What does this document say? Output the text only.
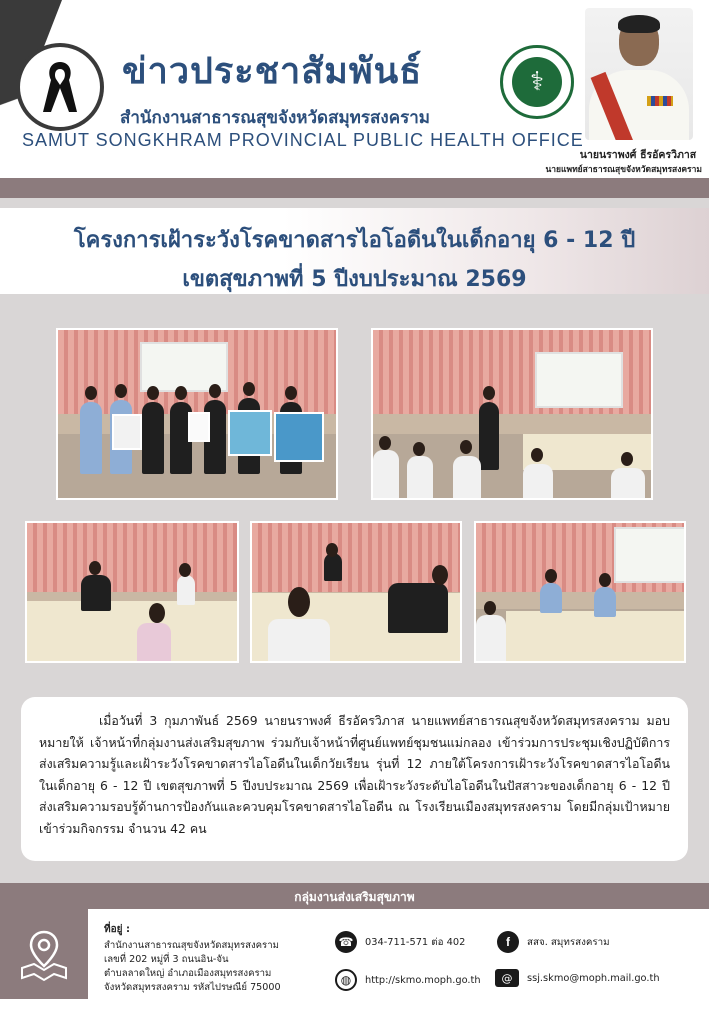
ข่าวประชาสัมพันธ์
สำนักงานสาธารณสุขจังหวัดสมุทรสงคราม
SAMUT SONGKHRAM PROVINCIAL PUBLIC HEALTH OFFICE
⚕
นายนราพงศ์ ธีรอัครวิภาส
นายแพทย์สาธารณสุขจังหวัดสมุทรสงคราม
โครงการเฝ้าระวังโรคขาดสารไอโอดีนในเด็กอายุ 6 - 12 ปี
เขตสุขภาพที่ 5 ปีงบประมาณ 2569

เมื่อวันที่ 3 กุมภาพันธ์ 2569 นายนราพงศ์ ธีรอัครวิภาส นายแพทย์สาธารณสุขจังหวัดสมุทรสงคราม มอบหมายให้ เจ้าหน้าที่กลุ่มงานส่งเสริมสุขภาพ ร่วมกับเจ้าหน้าที่ศูนย์แพทย์ชุมชนแม่กลอง เข้าร่วมการประชุมเชิงปฏิบัติการส่งเสริมความรู้และเฝ้าระวังโรคขาดสารไอโอดีนในเด็กวัยเรียน รุ่นที่ 12 ภายใต้โครงการเฝ้าระวังโรคขาดสารไอโอดีนในเด็กอายุ 6 - 12 ปี เขตสุขภาพที่ 5 ปีงบประมาณ 2569 เพื่อเฝ้าระวังระดับไอโอดีนในปัสสาวะของเด็กอายุ 6 - 12 ปี ส่งเสริมความรอบรู้ด้านการป้องกันและควบคุมโรคขาดสารไอโอดีน ณ โรงเรียนเมืองสมุทรสงคราม โดยมีกลุ่มเป้าหมายเข้าร่วมกิจกรรม จำนวน 42 คน

กลุ่มงานส่งเสริมสุขภาพ
ที่อยู่ :
สำนักงานสาธารณสุขจังหวัดสมุทรสงคราม
เลขที่ 202 หมู่ที่ 3 ถนนอิน-จัน
ตำบลลาดใหญ่ อำเภอเมืองสมุทรสงคราม
จังหวัดสมุทรสงคราม รหัสไปรษณีย์ 75000
☎	034-711-571 ต่อ 402	f	สสจ. สมุทรสงคราม
◍	http://skmo.moph.go.th	@	ssj.skmo@moph.mail.go.th
